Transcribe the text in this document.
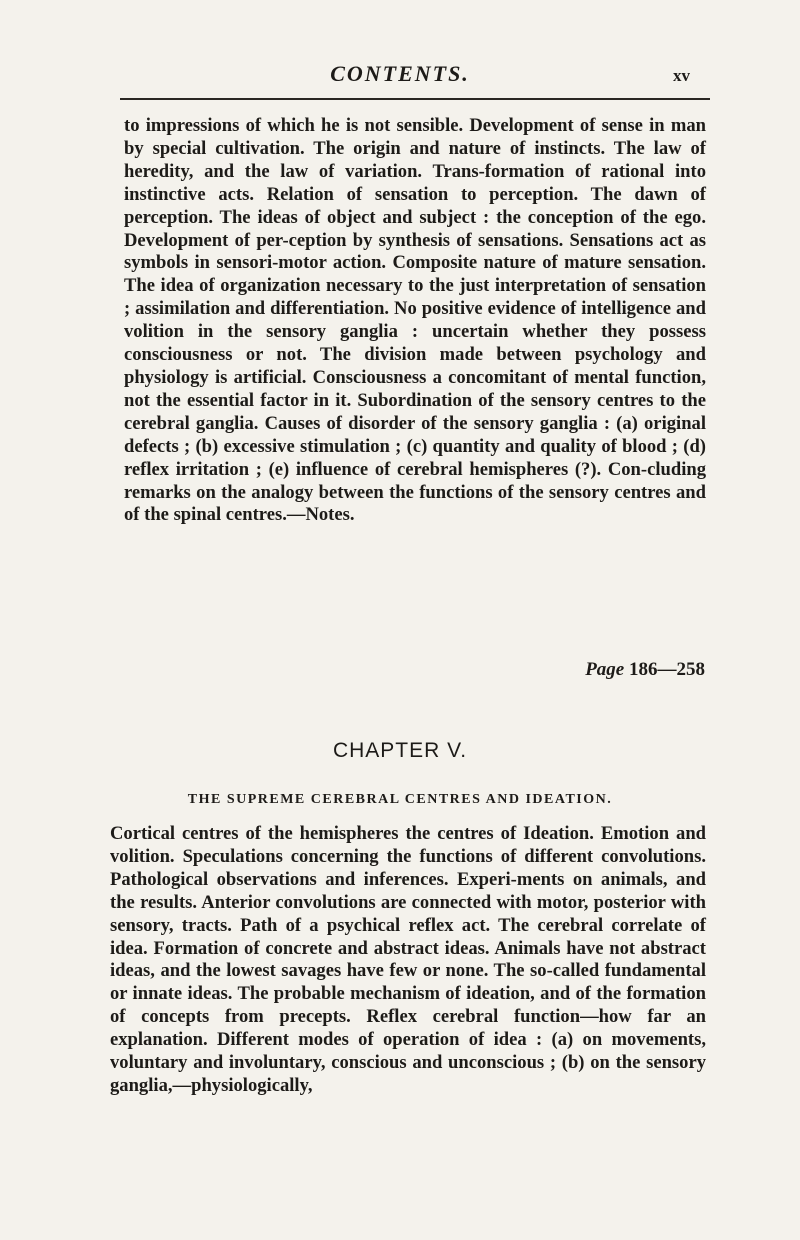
CONTENTS.	xv

to impressions of which he is not sensible. Development of sense in man by special cultivation. The origin and nature of instincts. The law of heredity, and the law of variation. Trans-formation of rational into instinctive acts. Relation of sensation to perception. The dawn of perception. The ideas of object and subject : the conception of the ego. Development of per-ception by synthesis of sensations. Sensations act as symbols in sensori-motor action. Composite nature of mature sensation. The idea of organization necessary to the just interpretation of sensation ; assimilation and differentiation. No positive evidence of intelligence and volition in the sensory ganglia : uncertain whether they possess consciousness or not. The division made between psychology and physiology is artificial. Consciousness a concomitant of mental function, not the essential factor in it. Subordination of the sensory centres to the cerebral ganglia. Causes of disorder of the sensory ganglia : (a) original defects ; (b) excessive stimulation ; (c) quantity and quality of blood ; (d) reflex irritation ; (e) influence of cerebral hemispheres (?). Con-cluding remarks on the analogy between the functions of the sensory centres and of the spinal centres.—Notes.

Page 186—258
CHAPTER V.
THE SUPREME CEREBRAL CENTRES AND IDEATION.

Cortical centres of the hemispheres the centres of Ideation. Emotion and volition. Speculations concerning the functions of different convolutions. Pathological observations and inferences. Experi-ments on animals, and the results. Anterior convolutions are connected with motor, posterior with sensory, tracts. Path of a psychical reflex act. The cerebral correlate of idea. Formation of concrete and abstract ideas. Animals have not abstract ideas, and the lowest savages have few or none. The so-called fundamental or innate ideas. The probable mechanism of ideation, and of the formation of concepts from precepts. Reflex cerebral function—how far an explanation. Different modes of operation of idea : (a) on movements, voluntary and involuntary, conscious and unconscious ; (b) on the sensory ganglia,—physiologically,
